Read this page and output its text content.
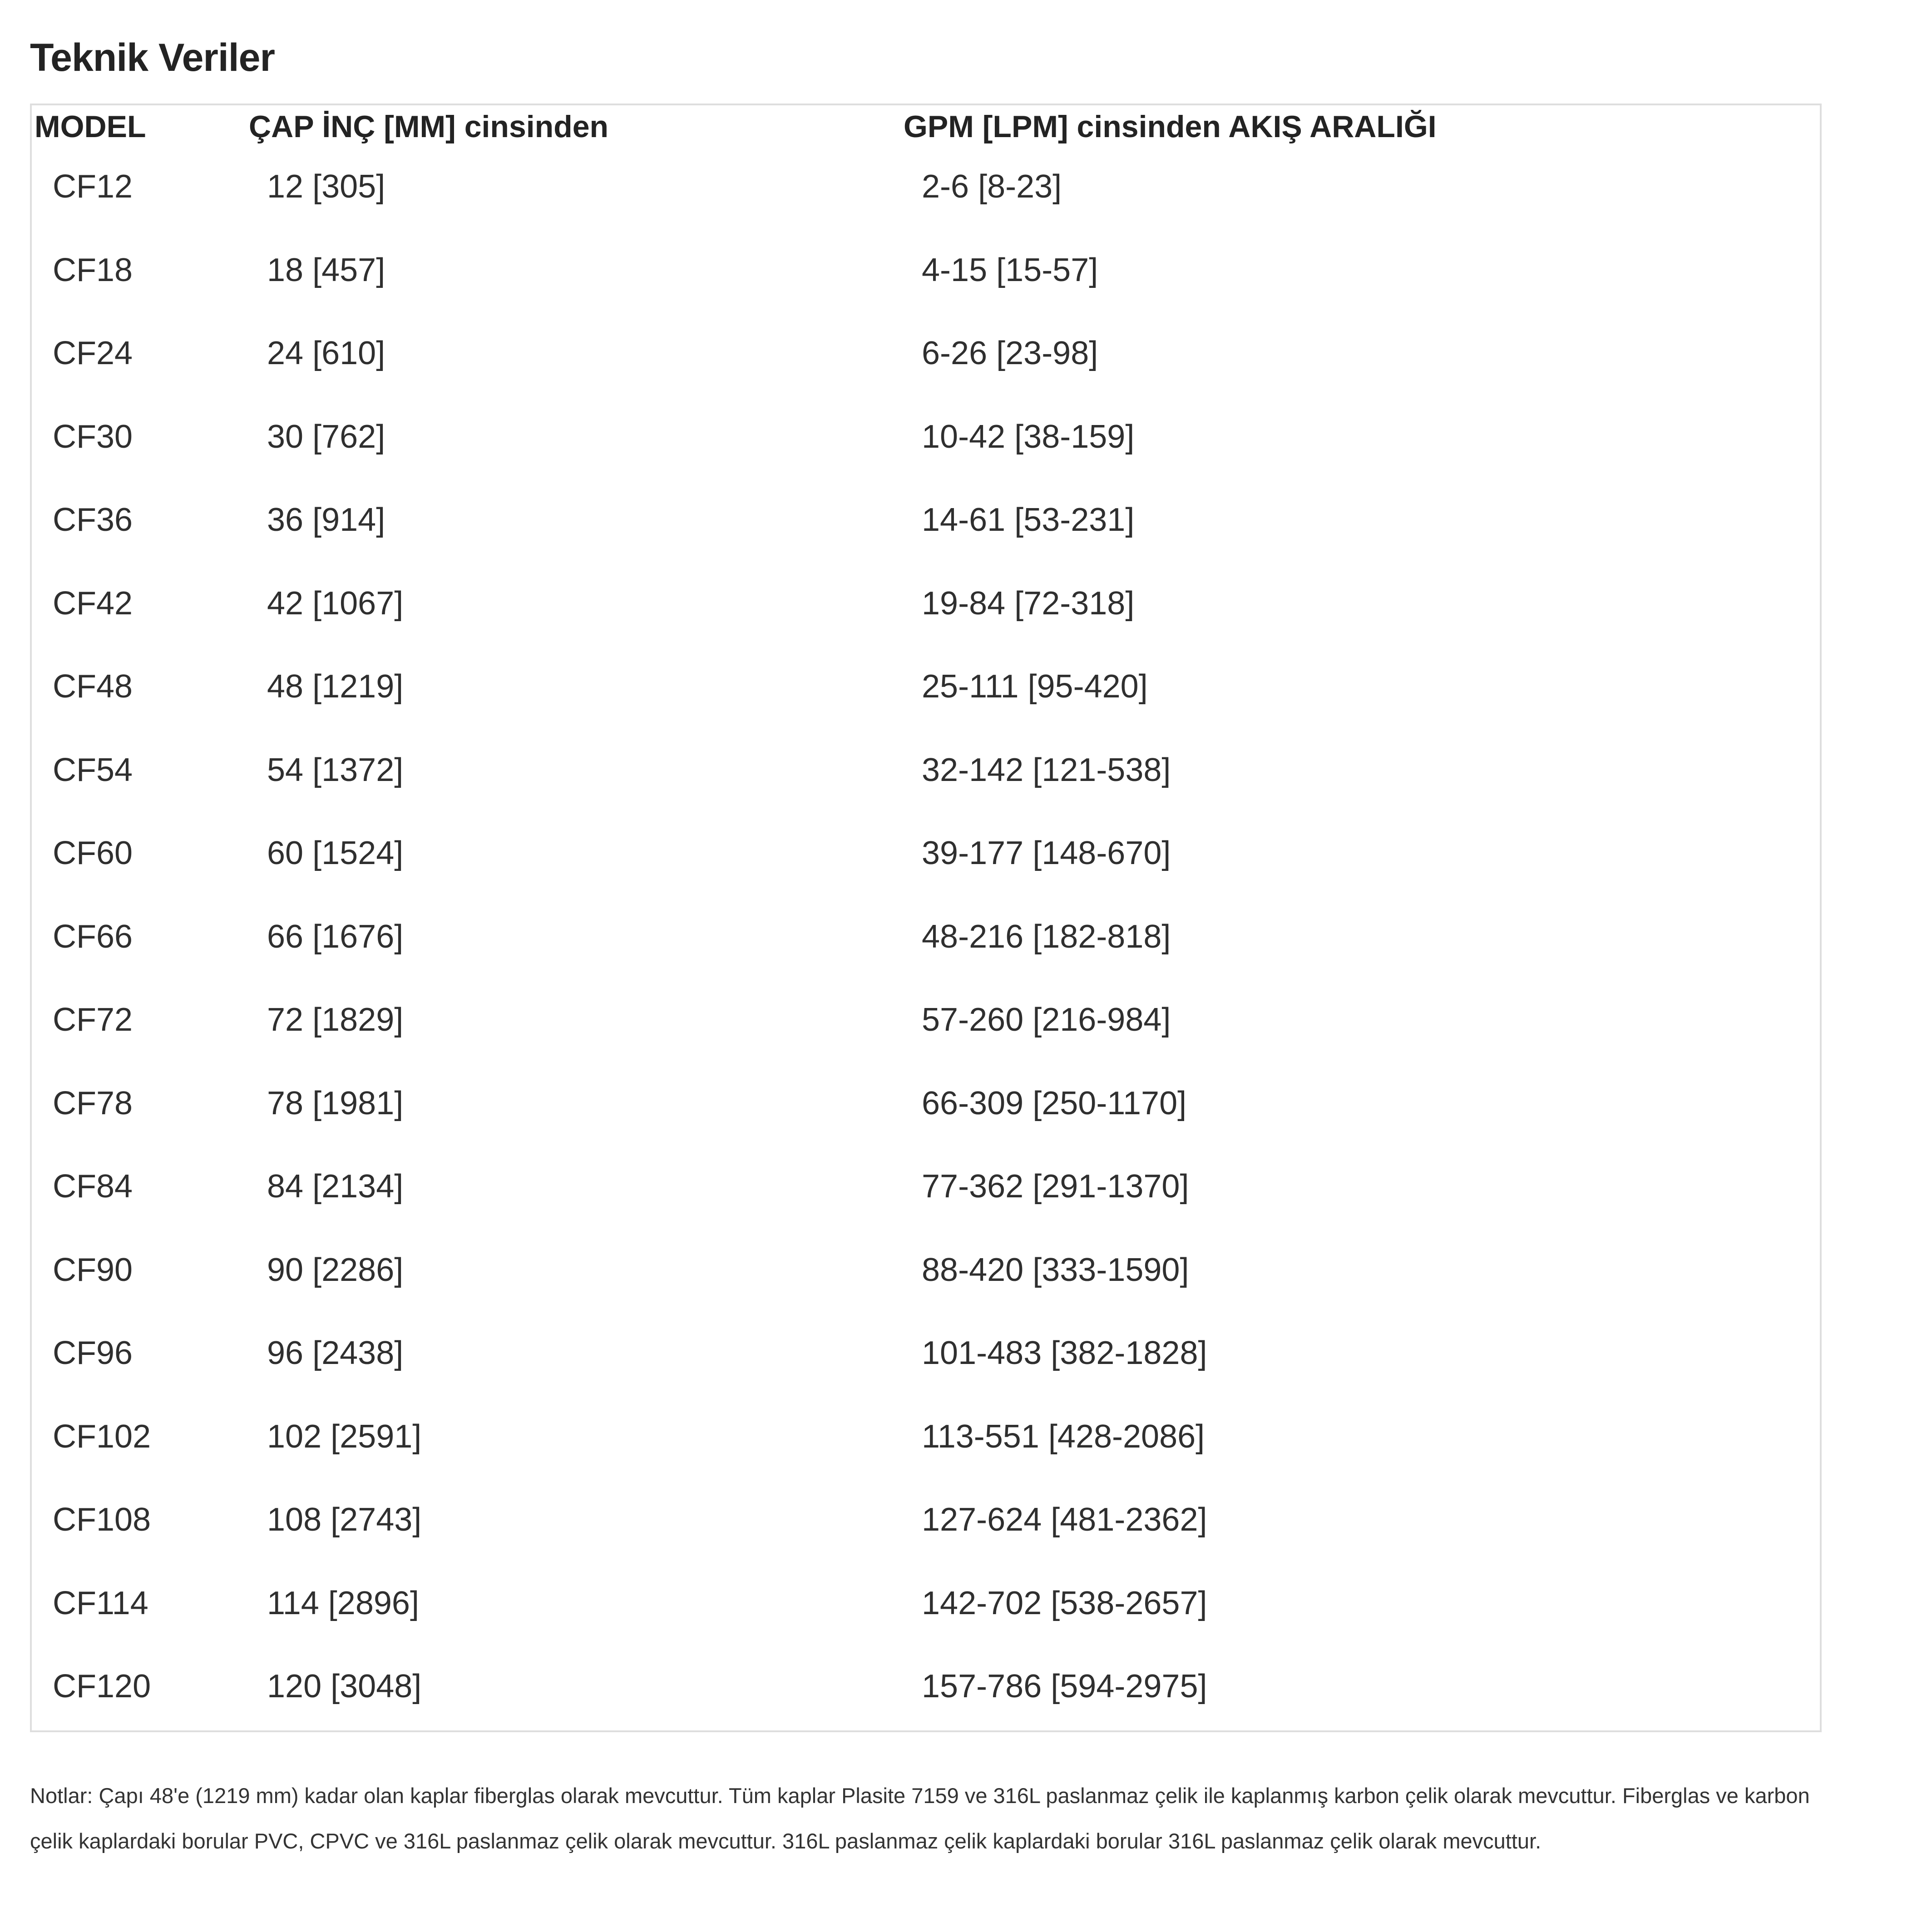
Teknik Veriler
MODEL	ÇAP İNÇ [MM] cinsinden	GPM [LPM] cinsinden AKIŞ ARALIĞI
CF12	12 [305]	2-6 [8-23]
CF18	18 [457]	4-15 [15-57]
CF24	24 [610]	6-26 [23-98]
CF30	30 [762]	10-42 [38-159]
CF36	36 [914]	14-61 [53-231]
CF42	42 [1067]	19-84 [72-318]
CF48	48 [1219]	25-111 [95-420]
CF54	54 [1372]	32-142 [121-538]
CF60	60 [1524]	39-177 [148-670]
CF66	66 [1676]	48-216 [182-818]
CF72	72 [1829]	57-260 [216-984]
CF78	78 [1981]	66-309 [250-1170]
CF84	84 [2134]	77-362 [291-1370]
CF90	90 [2286]	88-420 [333-1590]
CF96	96 [2438]	101-483 [382-1828]
CF102	102 [2591]	113-551 [428-2086]
CF108	108 [2743]	127-624 [481-2362]
CF114	114 [2896]	142-702 [538-2657]
CF120	120 [3048]	157-786 [594-2975]

Notlar: Çapı 48'e (1219 mm) kadar olan kaplar fiberglas olarak mevcuttur. Tüm kaplar Plasite 7159 ve 316L paslanmaz çelik ile kaplanmış karbon çelik olarak mevcuttur. Fiberglas ve karbon çelik kaplardaki borular PVC, CPVC ve 316L paslanmaz çelik olarak mevcuttur. 316L paslanmaz çelik kaplardaki borular 316L paslanmaz çelik olarak mevcuttur.
